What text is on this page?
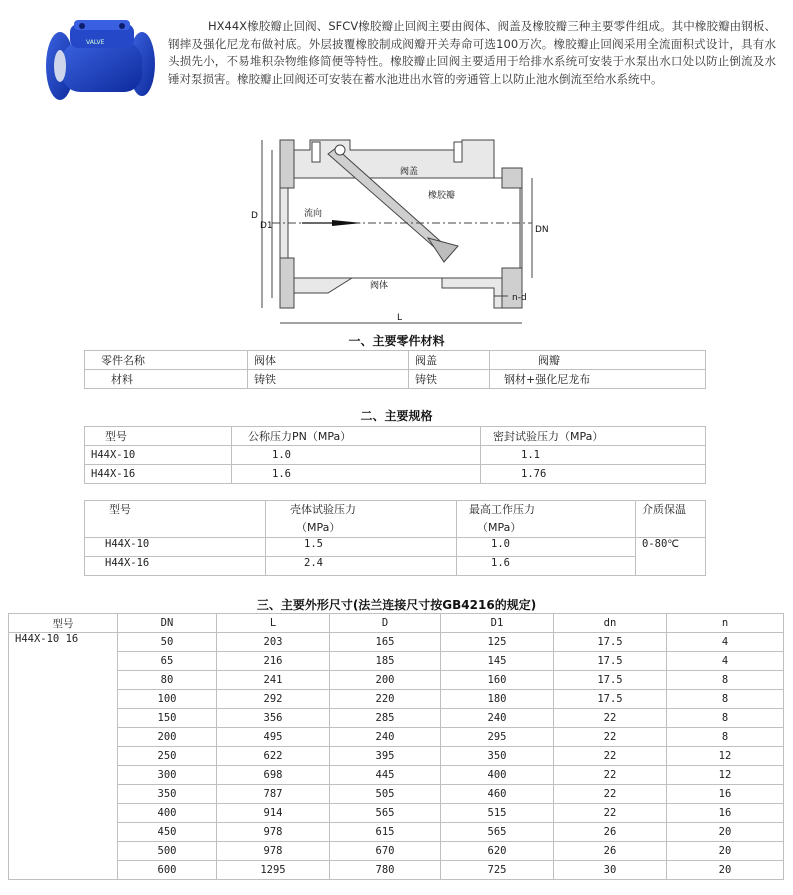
VALVE
HX44X橡胶瓣止回阀、SFCV橡胶瓣止回阀主要由阀体、阀盖及橡胶瓣三种主要零件组成。其中橡胶瓣由钢板、钢摔及强化尼龙布做衬底。外层披覆橡胶制成阀瓣开关寿命可选100万次。橡胶瓣止回阀采用全流面积式设计，具有水头损先小，不易堆积杂物维修简便等特性。橡胶瓣止回阀主要适用于给排水系统可安装于水泵出水口处以防止倒流及水锤对泵损害。橡胶瓣止回阀还可安装在蓄水池进出水管的旁通管上以防止池水倒流至给水系统中。
阀盖
橡胶瓣
流向
阀体
D
D1	DN
L
n-d
一、主要零件材料
零件名称	阀体	阀盖	阀瓣
材料	铸铁	铸铁	钢材+强化尼龙布
二、主要规格
型号	公称压力PN（MPa）	密封试验压力（MPa）
H44X-10	1.0	1.1
H44X-16	1.6	1.76
型号	壳体试验压力	最高工作压力	介质保温
	（MPa）	（MPa）	
H44X-10	1.5	1.0	0-80℃
H44X-16	2.4	1.6	
三、主要外形尺寸(法兰连接尺寸按GB4216的规定)
型号	DN	L	D	D1	dn	n
H44X-10 16	50	203	165	125	17.5	4
	65	216	185	145	17.5	4
	80	241	200	160	17.5	8
	100	292	220	180	17.5	8
	150	356	285	240	22	8
	200	495	240	295	22	8
	250	622	395	350	22	12
	300	698	445	400	22	12
	350	787	505	460	22	16
	400	914	565	515	22	16
	450	978	615	565	26	20
	500	978	670	620	26	20
	600	1295	780	725	30	20
